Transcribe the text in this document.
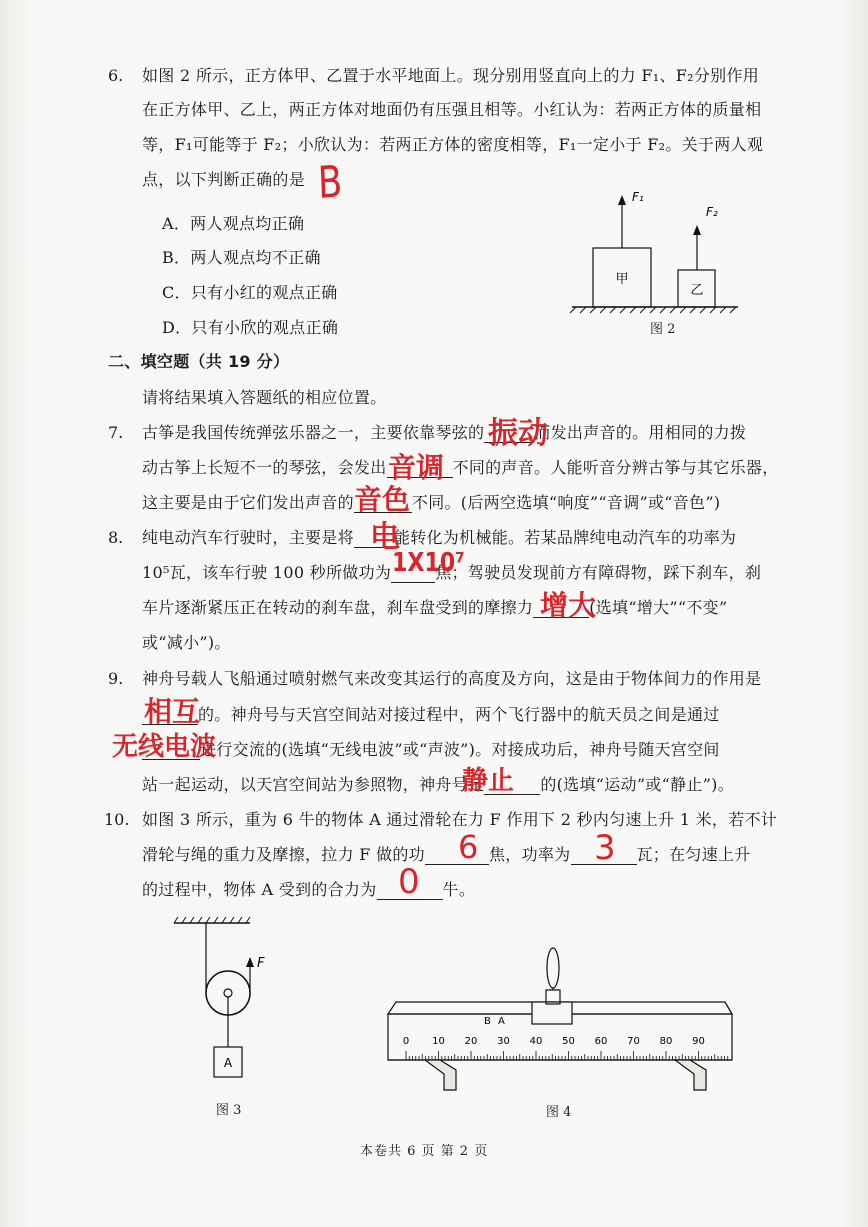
6. 如图 2 所示，正方体甲、乙置于水平地面上。现分别用竖直向上的力 F₁、F₂分别作用
在正方体甲、乙上，两正方体对地面仍有压强且相等。小红认为：若两正方体的质量相
等，F₁可能等于 F₂；小欣认为：若两正方体的密度相等，F₁一定小于 F₂。关于两人观
点，以下判断正确的是 B
A．两人观点均正确
B．两人观点均不正确
C．只有小红的观点正确
D．只有小欣的观点正确
甲
乙
F₁
F₂
图 2
二、填空题（共 19 分）
请将结果填入答题纸的相应位置。
7. 古筝是我国传统弹弦乐器之一，主要依靠琴弦的	而发出声音的。用相同的力拨
振动
动古筝上长短不一的琴弦，会发出	不同的声音。人能听音分辨古筝与其它乐器，
音调
这主要是由于它们发出声音的	不同。(后两空选填“响度”“音调”或“音色”)
音色
8. 纯电动汽车行驶时，主要是将	能转化为机械能。若某品牌纯电动汽车的功率为
电
10⁵瓦，该车行驶 100 秒所做功为	焦；驾驶员发现前方有障碍物，踩下刹车，刹
1X10⁷
车片逐渐紧压正在转动的刹车盘，刹车盘受到的摩擦力	(选填“增大”“不变”
增大
或“减小”)。
9. 神舟号载人飞船通过喷射燃气来改变其运行的高度及方向，这是由于物体间力的作用是
的。神舟号与天宫空间站对接过程中，两个飞行器中的航天员之间是通过
相互
进行交流的(选填“无线电波”或“声波”)。对接成功后，神舟号随天宫空间
无线电波
站一起运动，以天宫空间站为参照物，神舟号是	的(选填“运动”或“静止”)。
静止
10. 如图 3 所示，重为 6 牛的物体 A 通过滑轮在力 F 作用下 2 秒内匀速上升 1 米，若不计
滑轮与绳的重力及摩擦，拉力 F 做的功	焦，功率为	瓦；在匀速上升
6	3
的过程中，物体 A 受到的合力为	牛。
0
A
F
图 3
0 10 20 30 40 50 60 70 80 90
B A
图 4
本卷共 6 页 第 2 页
